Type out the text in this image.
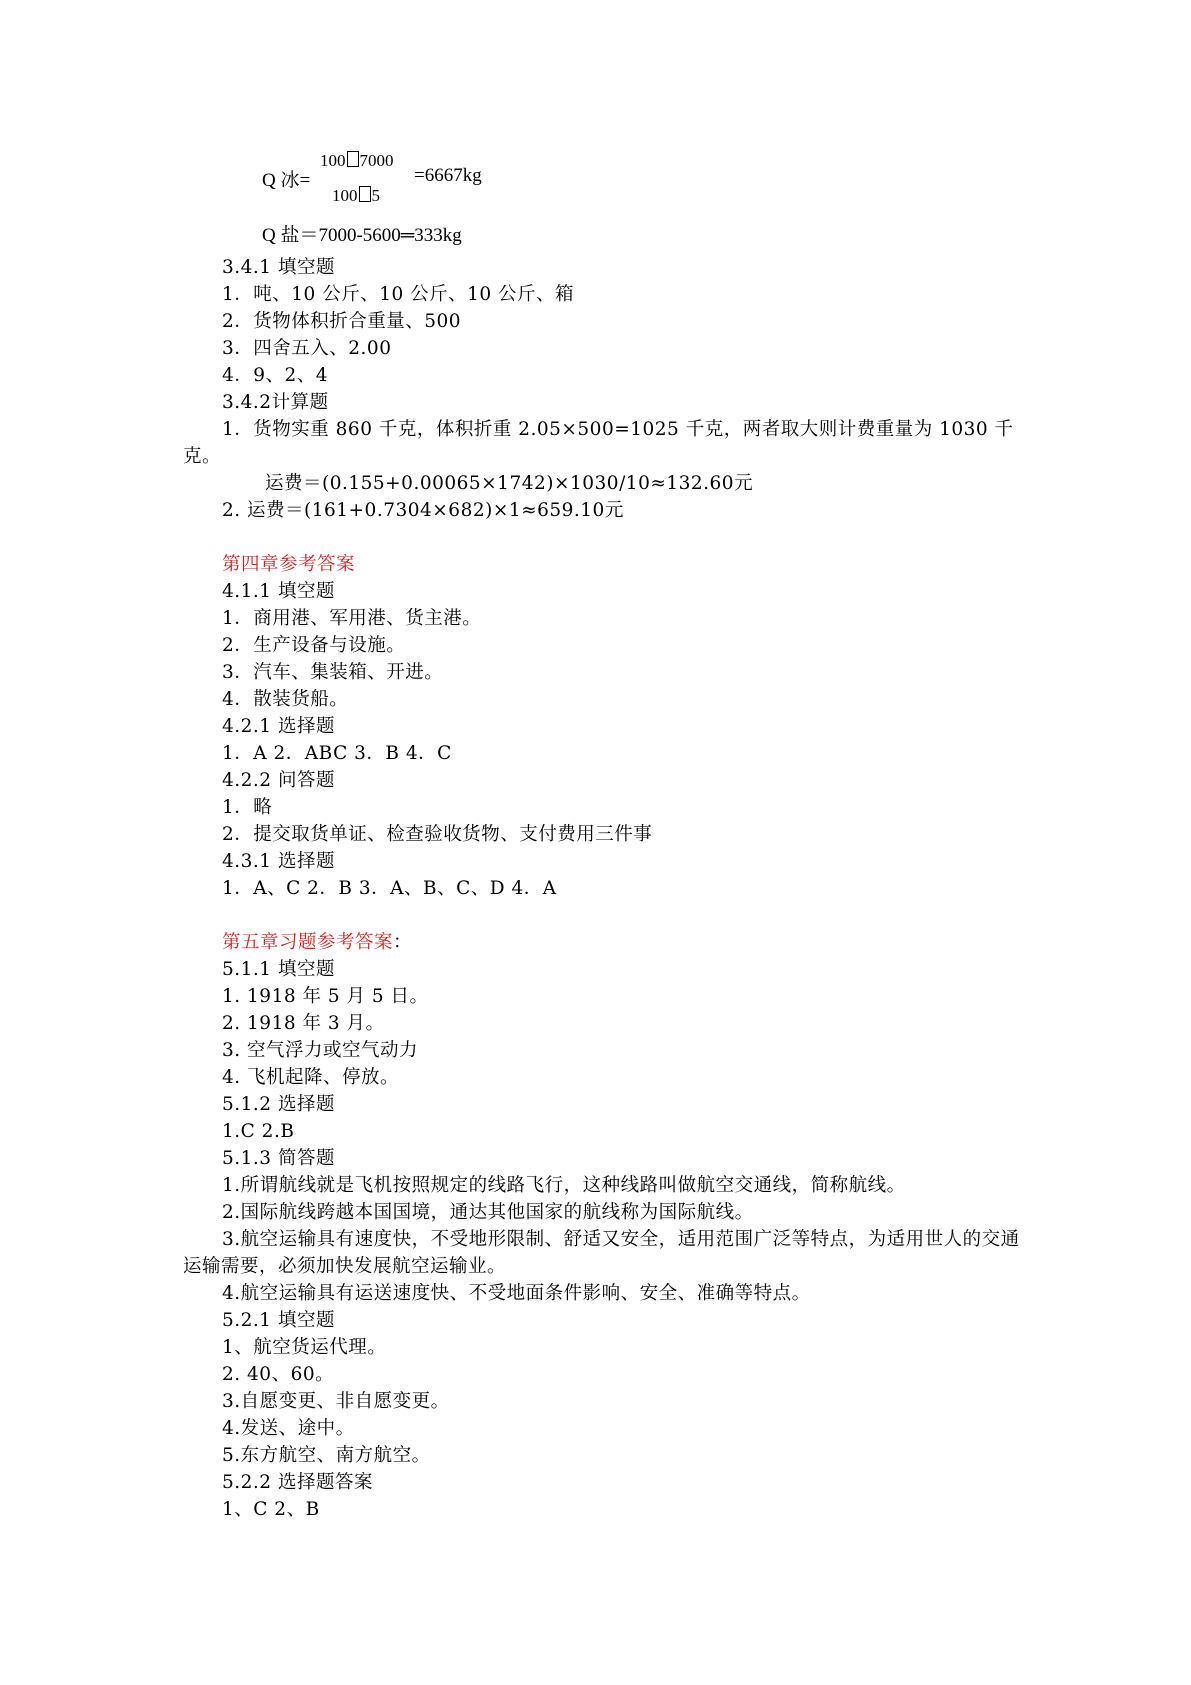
Q 冰=
100 7000
100 5
=6667kg
Q 盐＝7000-5600═333kg
3.4.1 填空题
1．吨、10 公斤、10 公斤、10 公斤、箱
2．货物体积折合重量、500
3．四舍五入、2.00
4．9、2、4
3.4.2计算题
1．货物实重 860 千克，体积折重 2.05×500=1025 千克，两者取大则计费重量为 1030 千克。
运费＝(0.155+0.00065×1742)×1030/10≈132.60元
2. 运费＝(161+0.7304×682)×1≈659.10元
第四章参考答案
4.1.1 填空题
1．商用港、军用港、货主港。
2．生产设备与设施。
3．汽车、集装箱、开进。
4．散装货船。
4.2.1 选择题
1．A 2．ABC 3．B 4．C
4.2.2 问答题
1．略
2．提交取货单证、检查验收货物、支付费用三件事
4.3.1 选择题
1．A、C 2．B 3．A、B、C、D 4．A
第五章习题参考答案：
5.1.1 填空题
1. 1918 年 5 月 5 日。
2. 1918 年 3 月。
3. 空气浮力或空气动力
4. 飞机起降、停放。
5.1.2 选择题
1.C 2.B
5.1.3 简答题
1.所谓航线就是飞机按照规定的线路飞行，这种线路叫做航空交通线，简称航线。
2.国际航线跨越本国国境，通达其他国家的航线称为国际航线。
3.航空运输具有速度快，不受地形限制、舒适又安全，适用范围广泛等特点，为适用世人的交通运输需要，必须加快发展航空运输业。
4.航空运输具有运送速度快、不受地面条件影响、安全、准确等特点。
5.2.1 填空题
1、航空货运代理。
2. 40、60。
3.自愿变更、非自愿变更。
4.发送、途中。
5.东方航空、南方航空。
5.2.2 选择题答案
1、C 2、B
